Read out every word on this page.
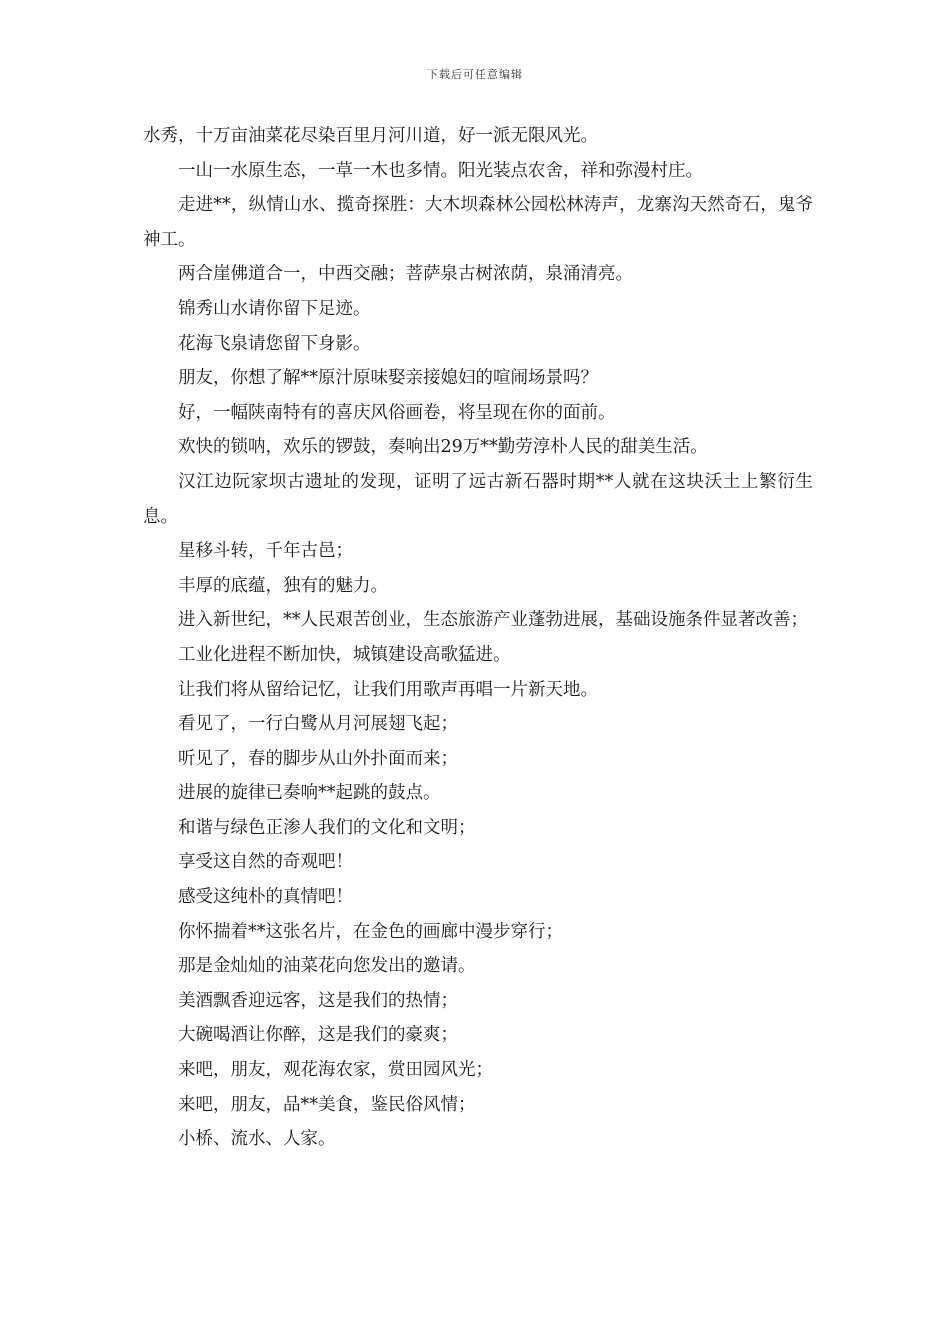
下载后可任意编辑

水秀，十万亩油菜花尽染百里月河川道，好一派无限风光。

一山一水原生态，一草一木也多情。阳光装点农舍，祥和弥漫村庄。

走进**，纵情山水、揽奇探胜：大木坝森林公园松林涛声，龙寨沟天然奇石，鬼爷神工。

两合崖佛道合一，中西交融；菩萨泉古树浓荫，泉涌清亮。

锦秀山水请你留下足迹。

花海飞泉请您留下身影。

朋友，你想了解**原汁原味娶亲接媳妇的喧闹场景吗？

好，一幅陕南特有的喜庆风俗画卷，将呈现在你的面前。

欢快的锁呐，欢乐的锣鼓，奏响出29万**勤劳淳朴人民的甜美生活。

汉江边阮家坝古遗址的发现，证明了远古新石器时期**人就在这块沃土上繁衍生息。

星移斗转，千年古邑；

丰厚的底蕴，独有的魅力。

进入新世纪，**人民艰苦创业，生态旅游产业蓬勃进展，基础设施条件显著改善；

工业化进程不断加快，城镇建设高歌猛进。

让我们将从留给记忆，让我们用歌声再唱一片新天地。

看见了，一行白鹭从月河展翅飞起；

听见了，春的脚步从山外扑面而来；

进展的旋律已奏响**起跳的鼓点。

和谐与绿色正渗人我们的文化和文明；

享受这自然的奇观吧！

感受这纯朴的真情吧！

你怀揣着**这张名片，在金色的画廊中漫步穿行；

那是金灿灿的油菜花向您发出的邀请。

美酒飘香迎远客，这是我们的热情；

大碗喝酒让你醉，这是我们的豪爽；

来吧，朋友，观花海农家，赏田园风光；

来吧，朋友，品**美食，鉴民俗风情；

小桥、流水、人家。
